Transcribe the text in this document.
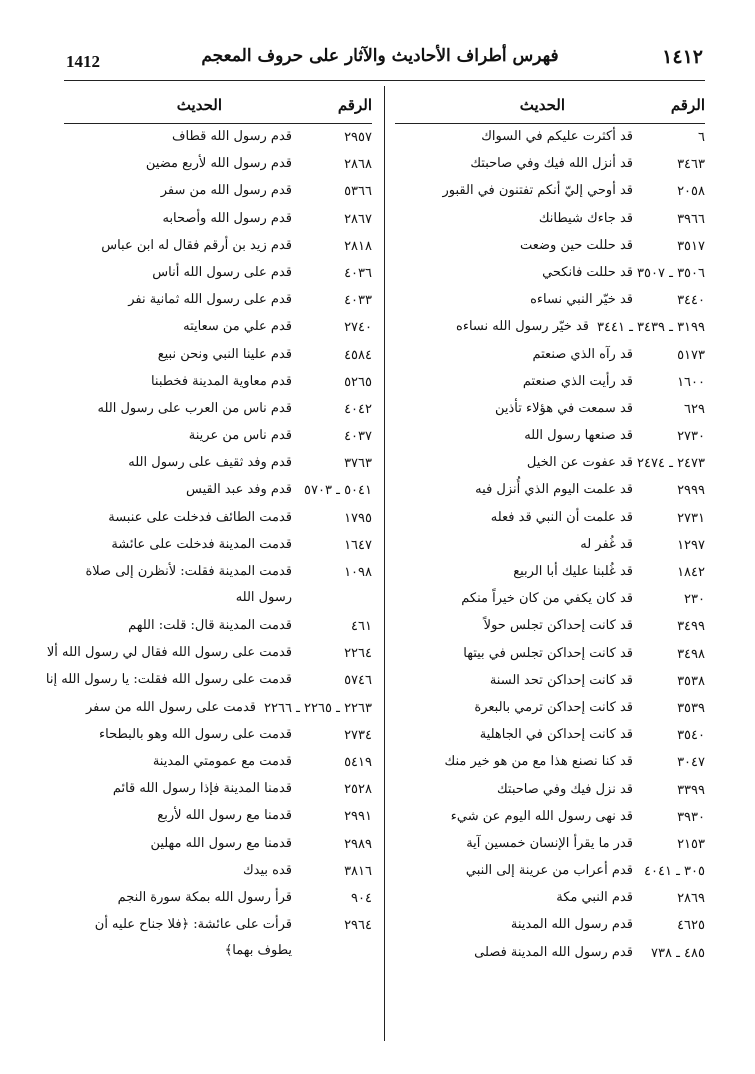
1412	فهرس أطراف الأحاديث والآثار على حروف المعجم	١٤١٢
الرقم
الحديث
٦
قد أكثرت عليكم في السواك
٣٤٦٣
قد أنزل الله فيك وفي صاحبتك
٢٠٥٨
قد أوحي إليّ أنكم تفتنون في القبور
٣٩٦٦
قد جاءك شيطانك
٣٥١٧
قد حللت حين وضعت
٣٥٠٦ ـ ٣٥٠٧
قد حللت فانكحي
٣٤٤٠
قد خيّر النبي نساءه
٣١٩٩ ـ ٣٤٣٩ ـ ٣٤٤١
قد خيّر رسول الله نساءه
٥١٧٣
قد رآه الذي صنعتم
١٦٠٠
قد رأيت الذي صنعتم
٦٢٩
قد سمعت في هؤلاء تأذين
٢٧٣٠
قد صنعها رسول الله
٢٤٧٣ ـ ٢٤٧٤
قد عفوت عن الخيل
٢٩٩٩
قد علمت اليوم الذي أُنزل فيه
٢٧٣١
قد علمت أن النبي قد فعله
١٢٩٧
قد غُفر له
١٨٤٢
قد غُلبنا عليك أبا الربيع
٢٣٠
قد كان يكفي من كان خيراً منكم
٣٤٩٩
قد كانت إحداكن تجلس حولاً
٣٤٩٨
قد كانت إحداكن تجلس في بيتها
٣٥٣٨
قد كانت إحداكن تحد السنة
٣٥٣٩
قد كانت إحداكن ترمي بالبعرة
٣٥٤٠
قد كانت إحداكن في الجاهلية
٣٠٤٧
قد كنا نصنع هذا مع من هو خير منك
٣٣٩٩
قد نزل فيك وفي صاحبتك
٣٩٣٠
قد نهى رسول الله اليوم عن شيء
٢١٥٣
قدر ما يقرأ الإنسان خمسين آية
٣٠٥ ـ ٤٠٤١
قدم أعراب من عرينة إلى النبي
٢٨٦٩
قدم النبي مكة
٤٦٢٥
قدم رسول الله المدينة
٤٨٥ ـ ٧٣٨
قدم رسول الله المدينة فصلى
الرقم
الحديث
٢٩٥٧
قدم رسول الله قطاف
٢٨٦٨
قدم رسول الله لأربع مضين
٥٣٦٦
قدم رسول الله من سفر
٢٨٦٧
قدم رسول الله وأصحابه
٢٨١٨
قدم زيد بن أرقم فقال له ابن عباس
٤٠٣٦
قدم على رسول الله أناس
٤٠٣٣
قدم على رسول الله ثمانية نفر
٢٧٤٠
قدم علي من سعايته
٤٥٨٤
قدم علينا النبي ونحن نبيع
٥٢٦٥
قدم معاوية المدينة فخطبنا
٤٠٤٢
قدم ناس من العرب على رسول الله
٤٠٣٧
قدم ناس من عرينة
٣٧٦٣
قدم وفد ثقيف على رسول الله
٥٠٤١ ـ ٥٧٠٣
قدم وفد عبد القيس
١٧٩٥
قدمت الطائف فدخلت على عنبسة
١٦٤٧
قدمت المدينة فدخلت على عائشة
١٠٩٨
قدمت المدينة فقلت: لأنظرن إلى صلاة رسول الله
٤٦١
قدمت المدينة قال: قلت: اللهم
٢٢٦٤
قدمت على رسول الله فقال لي رسول الله ألا
٥٧٤٦
قدمت على رسول الله فقلت: يا رسول الله إنا
٢٢٦٣ ـ ٢٢٦٥ ـ ٢٢٦٦
قدمت على رسول الله من سفر
٢٧٣٤
قدمت على رسول الله وهو بالبطحاء
٥٤١٩
قدمت مع عمومتي المدينة
٢٥٢٨
قدمنا المدينة فإذا رسول الله قائم
٢٩٩١
قدمنا مع رسول الله لأربع
٢٩٨٩
قدمنا مع رسول الله مهلين
٣٨١٦
قده بيدك
٩٠٤
قرأ رسول الله بمكة سورة النجم
٢٩٦٤
قرأت على عائشة: ﴿فلا جناح عليه أن يطوف بهما﴾
